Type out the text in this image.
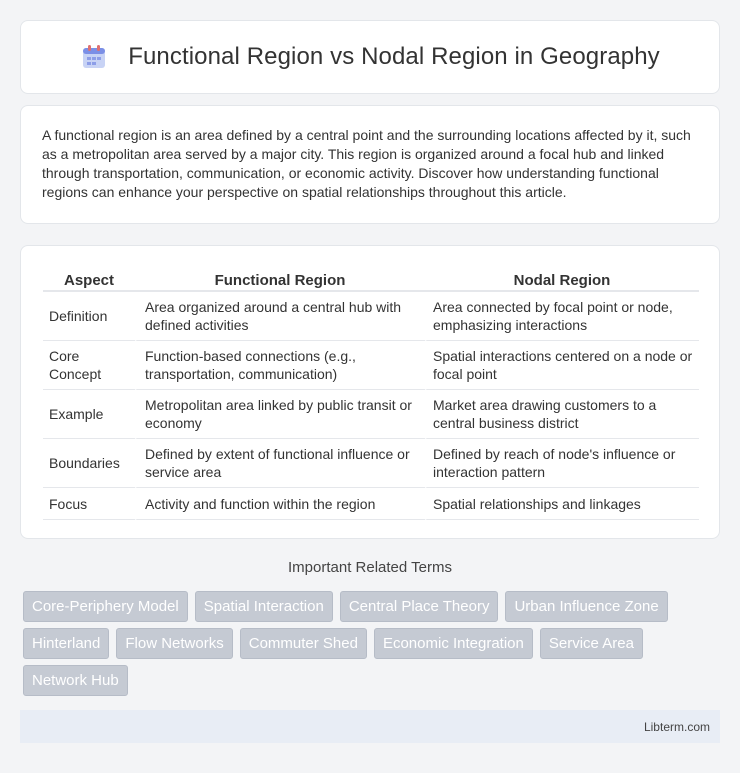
Functional Region vs Nodal Region in Geography

A functional region is an area defined by a central point and the surrounding locations affected by it, such as a metropolitan area served by a major city. This region is organized around a focal hub and linked through transportation, communication, or economic activity. Discover how understanding functional regions can enhance your perspective on spatial relationships throughout this article.

Aspect	Functional Region	Nodal Region
Definition	Area organized around a central hub with defined activities	Area connected by focal point or node, emphasizing interactions
Core Concept	Function-based connections (e.g., transportation, communication)	Spatial interactions centered on a node or focal point
Example	Metropolitan area linked by public transit or economy	Market area drawing customers to a central business district
Boundaries	Defined by extent of functional influence or service area	Defined by reach of node's influence or interaction pattern
Focus	Activity and function within the region	Spatial relationships and linkages
Important Related Terms
Core-Periphery Model	Spatial Interaction	Central Place Theory	Urban Influence Zone
Hinterland	Flow Networks	Commuter Shed	Economic Integration	Service Area
Network Hub
Libterm.com
